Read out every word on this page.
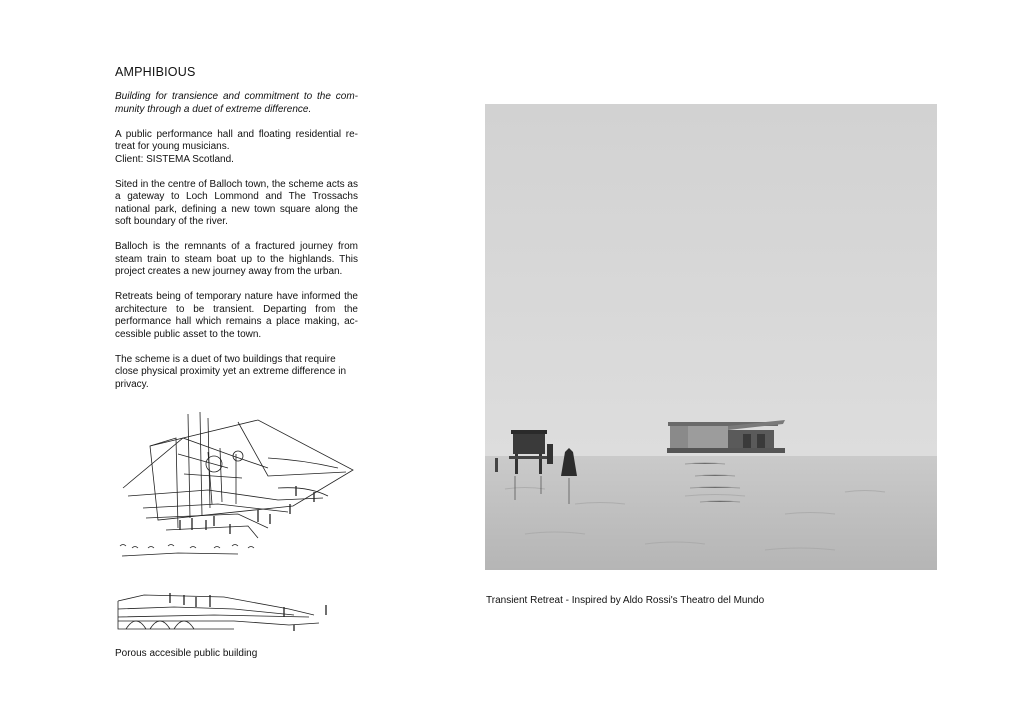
AMPHIBIOUS

Building for transience and commitment to the com-munity through a duet of extreme difference.

A public performance hall and floating residential re-treat for young musicians.
Client: SISTEMA Scotland.

Sited in the centre of Balloch town, the scheme acts as a gateway to Loch Lommond and The Trossachs national park, defining a new town square along the soft boundary of the river.

Balloch is the remnants of a fractured journey from steam train to steam boat up to the highlands. This project creates a new journey away from the urban.

Retreats being of temporary nature have informed the architecture to be transient. Departing from the performance hall which remains a place making, ac-cessible public asset to the town.

The scheme is a duet of two buildings that require close physical proximity yet an extreme difference in privacy.

Porous accesible public building
Transient Retreat - Inspired by Aldo Rossi's Theatro del Mundo
